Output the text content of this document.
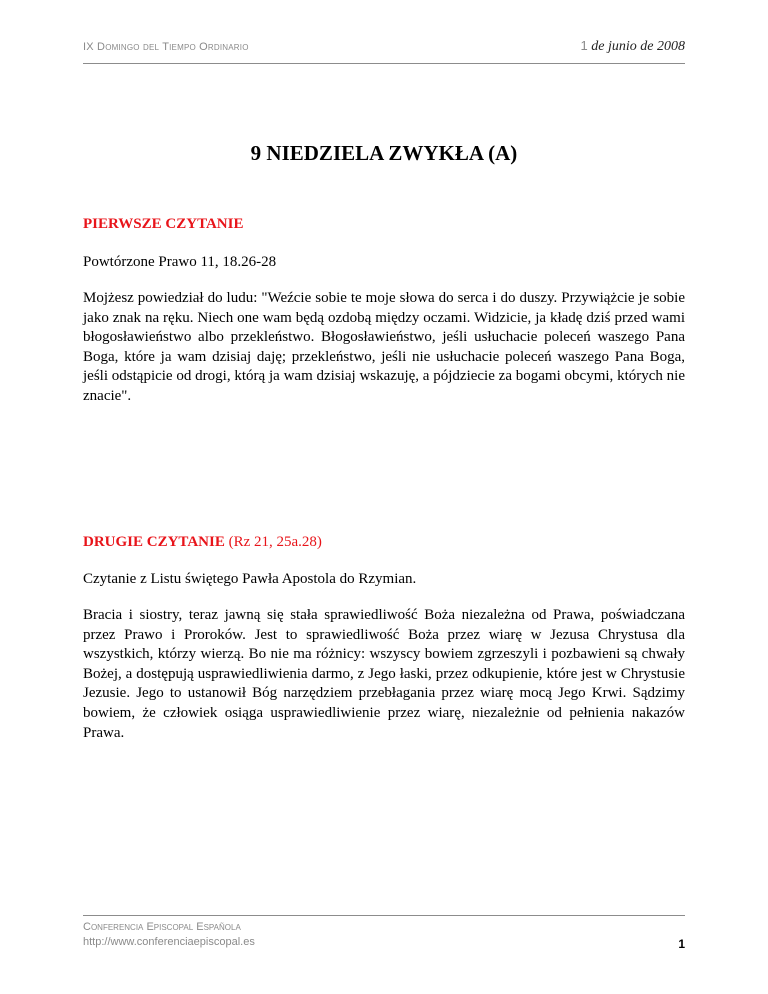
IX Domingo del Tiempo Ordinario	1 de junio de 2008
9 NIEDZIELA ZWYKŁA (A)
PIERWSZE CZYTANIE
Powtórzone Prawo 11, 18.26-28
Mojżesz powiedział do ludu: "Weźcie sobie te moje słowa do serca i do duszy. Przywiążcie je sobie jako znak na ręku. Niech one wam będą ozdobą między oczami. Widzicie, ja kładę dziś przed wami błogosławieństwo albo przekleństwo. Błogosławieństwo, jeśli usłuchacie poleceń waszego Pana Boga, które ja wam dzisiaj daję; przekleństwo, jeśli nie usłuchacie poleceń waszego Pana Boga, jeśli odstąpicie od drogi, którą ja wam dzisiaj wskazuję, a pójdziecie za bogami obcymi, których nie znacie".
DRUGIE CZYTANIE (Rz 21, 25a.28)
Czytanie z Listu świętego Pawła Apostola do Rzymian.
Bracia i siostry, teraz jawną się stała sprawiedliwość Boża niezależna od Prawa, poświadczana przez Prawo i Proroków. Jest to sprawiedliwość Boża przez wiarę w Jezusa Chrystusa dla wszystkich, którzy wierzą. Bo nie ma różnicy: wszyscy bowiem zgrzeszyli i pozbawieni są chwały Bożej, a dostępują usprawiedliwienia darmo, z Jego łaski, przez odkupienie, które jest w Chrystusie Jezusie. Jego to ustanowił Bóg narzędziem przebłagania przez wiarę mocą Jego Krwi. Sądzimy bowiem, że człowiek osiąga usprawiedliwienie przez wiarę, niezależnie od pełnienia nakazów Prawa.
Conferencia Episcopal Española
http://www.conferenciaepiscopal.es	1
